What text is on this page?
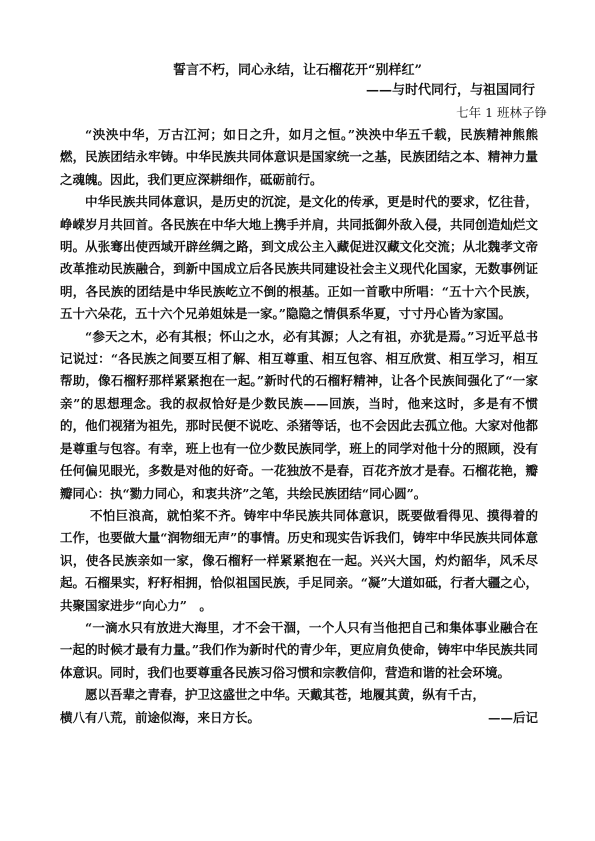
誓言不朽，同心永结，让石榴花开“别样红”
——与时代同行，与祖国同行
七年 1 班林子铮

“泱泱中华，万古江河；如日之升，如月之恒。”泱泱中华五千载，民族精神熊熊燃，民族团结永牢铸。中华民族共同体意识是国家统一之基，民族团结之本、精神力量之魂魄。因此，我们更应深耕细作，砥砺前行。

中华民族共同体意识，是历史的沉淀，是文化的传承，更是时代的要求，忆往昔，峥嵘岁月共回首。各民族在中华大地上携手并肩，共同抵御外敌入侵，共同创造灿烂文明。从张骞出使西域开辟丝绸之路，到文成公主入藏促进汉藏文化交流；从北魏孝文帝改革推动民族融合，到新中国成立后各民族共同建设社会主义现代化国家，无数事例证明，各民族的团结是中华民族屹立不倒的根基。正如一首歌中所唱：“五十六个民族，五十六朵花，五十六个兄弟姐妹是一家。”隐隐之情俱系华夏，寸寸丹心皆为家国。

“参天之木，必有其根；怀山之水，必有其源；人之有祖，亦犹是焉。”习近平总书记说过：“各民族之间要互相了解、相互尊重、相互包容、相互欣赏、相互学习，相互帮助，像石榴籽那样紧紧抱在一起。”新时代的石榴籽精神，让各个民族间强化了“一家亲”的思想理念。我的叔叔恰好是少数民族——回族，当时，他来这时，多是有不惯的，他们视猪为祖先，那时民便不说吃、杀猪等话，也不会因此去孤立他。大家对他都是尊重与包容。有幸，班上也有一位少数民族同学，班上的同学对他十分的照顾，没有任何偏见眼光，多数是对他的好奇。一花独放不是春，百花齐放才是春。石榴花艳，瓣瓣同心：执“勠力同心，和衷共济”之笔，共绘民族团结“同心圆”。

不怕巨浪高，就怕桨不齐。铸牢中华民族共同体意识，既要做看得见、摸得着的工作，也要做大量“润物细无声”的事情。历史和现实告诉我们，铸牢中华民族共同体意识，使各民族亲如一家，像石榴籽一样紧紧抱在一起。兴兴大国，灼灼韶华，风禾尽起。石榴果实，籽籽相拥，恰似祖国民族，手足同亲。“凝”大道如砥，行者大疆之心，共聚国家进步“向心力”　。

“一滴水只有放进大海里，才不会干涸，一个人只有当他把自己和集体事业融合在一起的时候才最有力量。”我们作为新时代的青少年，更应肩负使命，铸牢中华民族共同体意识。同时，我们也要尊重各民族习俗习惯和宗教信仰，营造和谐的社会环境。

愿以吾辈之青春，护卫这盛世之中华。天戴其苍，地履其黄，纵有千古，

横八有八荒，前途似海，来日方长。	——后记
